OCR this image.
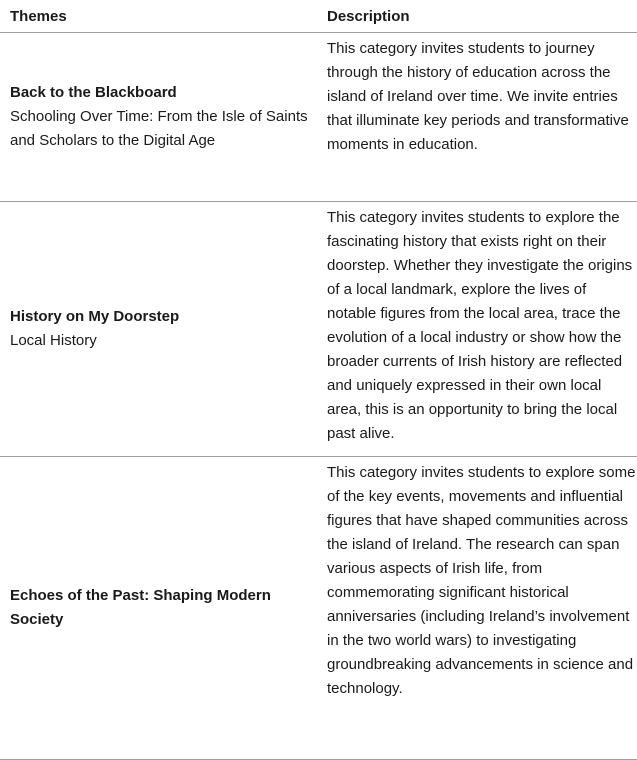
Themes	Description

Back to the Blackboard
Schooling Over Time: From the Isle of Saints and Scholars to the Digital Age	This category invites students to journey through the history of education across the island of Ireland over time. We invite entries that illuminate key periods and transformative moments in education.

History on My Doorstep
Local History	This category invites students to explore the fascinating history that exists right on their doorstep. Whether they investigate the origins of a local landmark, explore the lives of notable figures from the local area, trace the evolution of a local industry or show how the broader currents of Irish history are reflected and uniquely expressed in their own local area, this is an opportunity to bring the local past alive.

Echoes of the Past: Shaping Modern Society	This category invites students to explore some of the key events, movements and influential figures that have shaped communities across the island of Ireland. The research can span various aspects of Irish life, from commemorating significant historical anniversaries (including Ireland’s involvement in the two world wars) to investigating groundbreaking advancements in science and technology.
